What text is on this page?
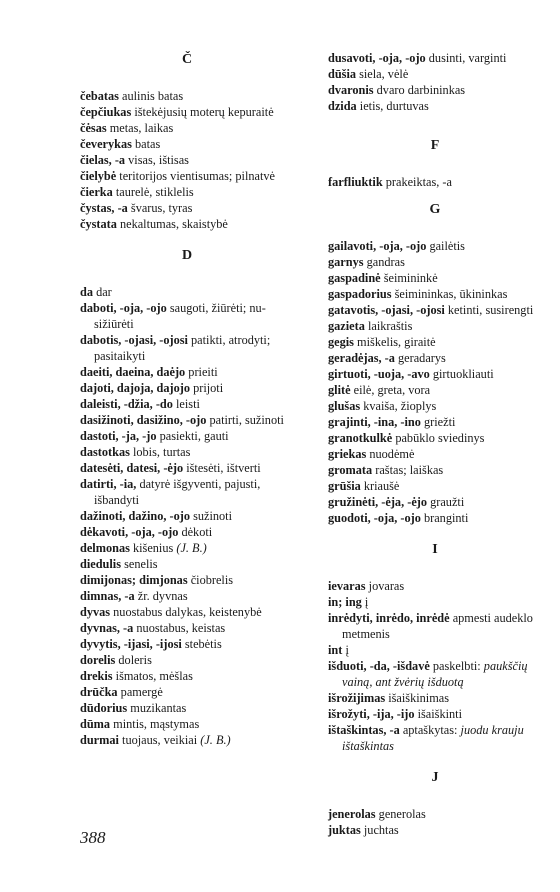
Č
čebatas aulinis batas
čepčiukas ištekėjusių moterų kepuraitė
čėsas metas, laikas
čeverykas batas
čielas, -a visas, ištisas
čielybė teritorijos vientisumas; pilnatvė
čierka taurelė, stiklelis
čystas, -a švarus, tyras
čystata nekaltumas, skaistybė
D
da dar
daboti, -oja, -ojo saugoti, žiūrėti; nusižiūrėti
dabotis, -ojasi, -ojosi patikti, atrodyti; pasitaikyti
daeiti, daeina, daėjo prieiti
dajoti, dajoja, dajojo prijoti
daleisti, -džia, -do leisti
dasižinoti, dasižino, -ojo patirti, sužinoti
dastoti, -ja, -jo pasiekti, gauti
dastotkas lobis, turtas
datesėti, datesi, -ėjo ištesėti, ištverti
datirti, -ia, datyrė išgyventi, pajusti, išbandyti
dažinoti, dažino, -ojo sužinoti
dėkavoti, -oja, -ojo dėkoti
delmonas kišenius (J. B.)
diedulis senelis
dimijonas; dimjonas čiobrelis
dimnas, -a žr. dyvnas
dyvas nuostabus dalykas, keistenybė
dyvnas, -a nuostabus, keistas
dyvytis, -ijasi, -ijosi stebėtis
dorelis doleris
drekis išmatos, mėšlas
drūčka pamergė
dūdorius muzikantas
dūma mintis, mąstymas
durmai tuojaus, veikiai (J. B.)
dusavoti, -oja, -ojo dusinti, varginti
dūšia siela, vėlė
dvaronis dvaro darbininkas
dzida ietis, durtuvas
F
farfliuktik prakeiktas, -a
G
gailavoti, -oja, -ojo gailėtis
garnys gandras
gaspadinė šeimininkė
gaspadorius šeimininkas, ūkininkas
gatavotis, -ojasi, -ojosi ketinti, susirengti
gazieta laikraštis
gegis miškelis, giraitė
geradėjas, -a geradarys
girtuoti, -uoja, -avo girtuokliauti
glitė eilė, greta, vora
glušas kvaiša, žioplys
grajinti, -ina, -ino griežti
granotkulkė pabūklo sviedinys
griekas nuodėmė
gromata raštas; laiškas
grūšia kriaušė
gružinėti, -ėja, -ėjo graužti
guodoti, -oja, -ojo branginti
I
ievaras jovaras
in; ing į
inrėdyti, inrėdo, inrėdė apmesti audeklo metmenis
int į
išduoti, -da, -išdavė paskelbti: paukščių vainą, ant žvėrių išduotą
išrožijimas išaiškinimas
išrožyti, -ija, -ijo išaiškinti
ištaškintas, -a aptaškytas: juodu krauju ištaškintas
J
jenerolas generolas
juktas juchtas
388
